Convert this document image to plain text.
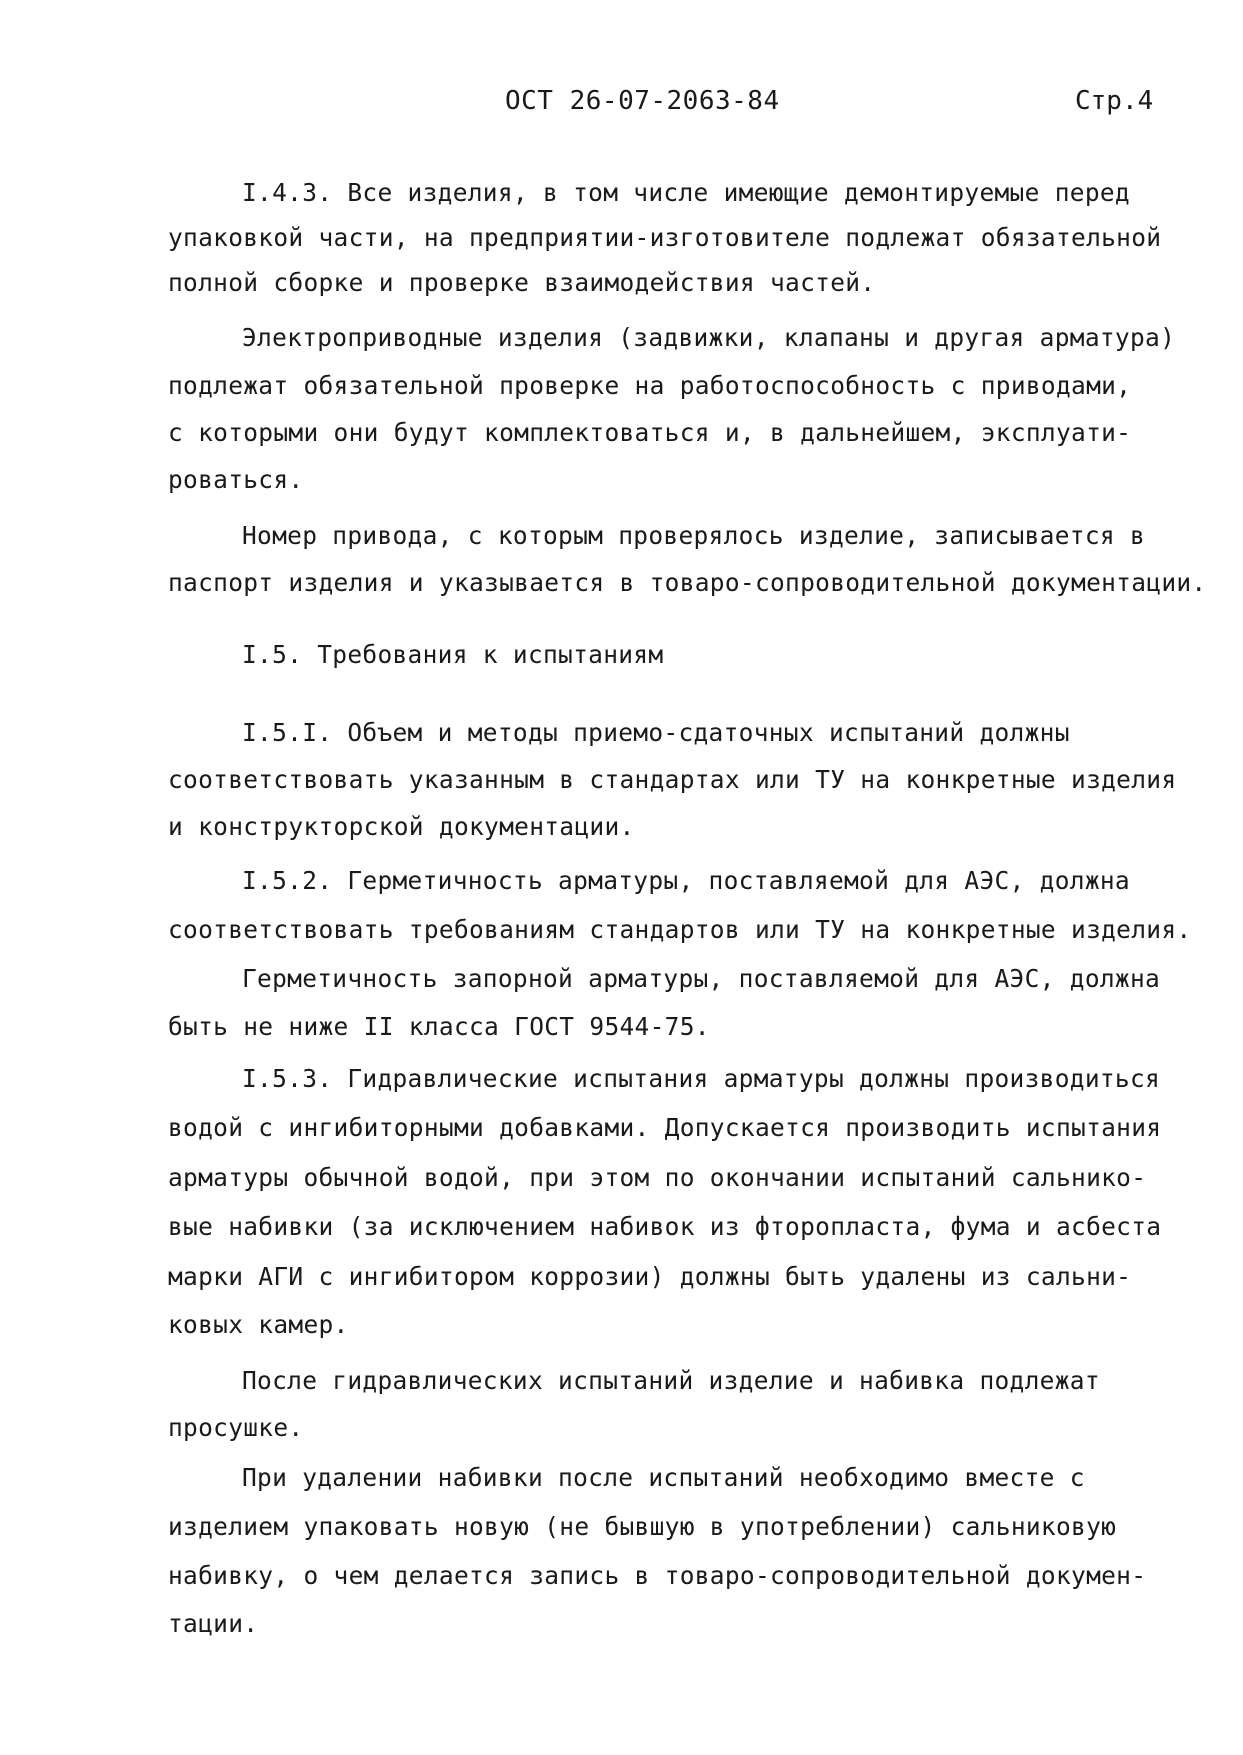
ОСТ 26-07-2063-84	Стр.4
I.4.3. Все изделия, в том числе имеющие демонтируемые перед
упаковкой части, на предприятии-изготовителе подлежат обязательной
полной сборке и проверке взаимодействия частей.
Электроприводные изделия (задвижки, клапаны и другая арматура)
подлежат обязательной проверке на работоспособность с приводами,
с которыми они будут комплектоваться и, в дальнейшем, эксплуати-
роваться.
Номер привода, с которым проверялось изделие, записывается в
паспорт изделия и указывается в товаро-сопроводительной документации.
I.5. Требования к испытаниям
I.5.I. Объем и методы приемо-сдаточных испытаний должны
соответствовать указанным в стандартах или ТУ на конкретные изделия
и конструкторской документации.
I.5.2. Герметичность арматуры, поставляемой для АЭС, должна
соответствовать требованиям стандартов или ТУ на конкретные изделия.
Герметичность запорной арматуры, поставляемой для АЭС, должна
быть не ниже II класса ГОСТ 9544-75.
I.5.3. Гидравлические испытания арматуры должны производиться
водой с ингибиторными добавками. Допускается производить испытания
арматуры обычной водой, при этом по окончании испытаний сальнико-
вые набивки (за исключением набивок из фторопласта, фума и асбеста
марки АГИ с ингибитором коррозии) должны быть удалены из сальни-
ковых камер.
После гидравлических испытаний изделие и набивка подлежат
просушке.
При удалении набивки после испытаний необходимо вместе с
изделием упаковать новую (не бывшую в употреблении) сальниковую
набивку, о чем делается запись в товаро-сопроводительной докумен-
тации.
